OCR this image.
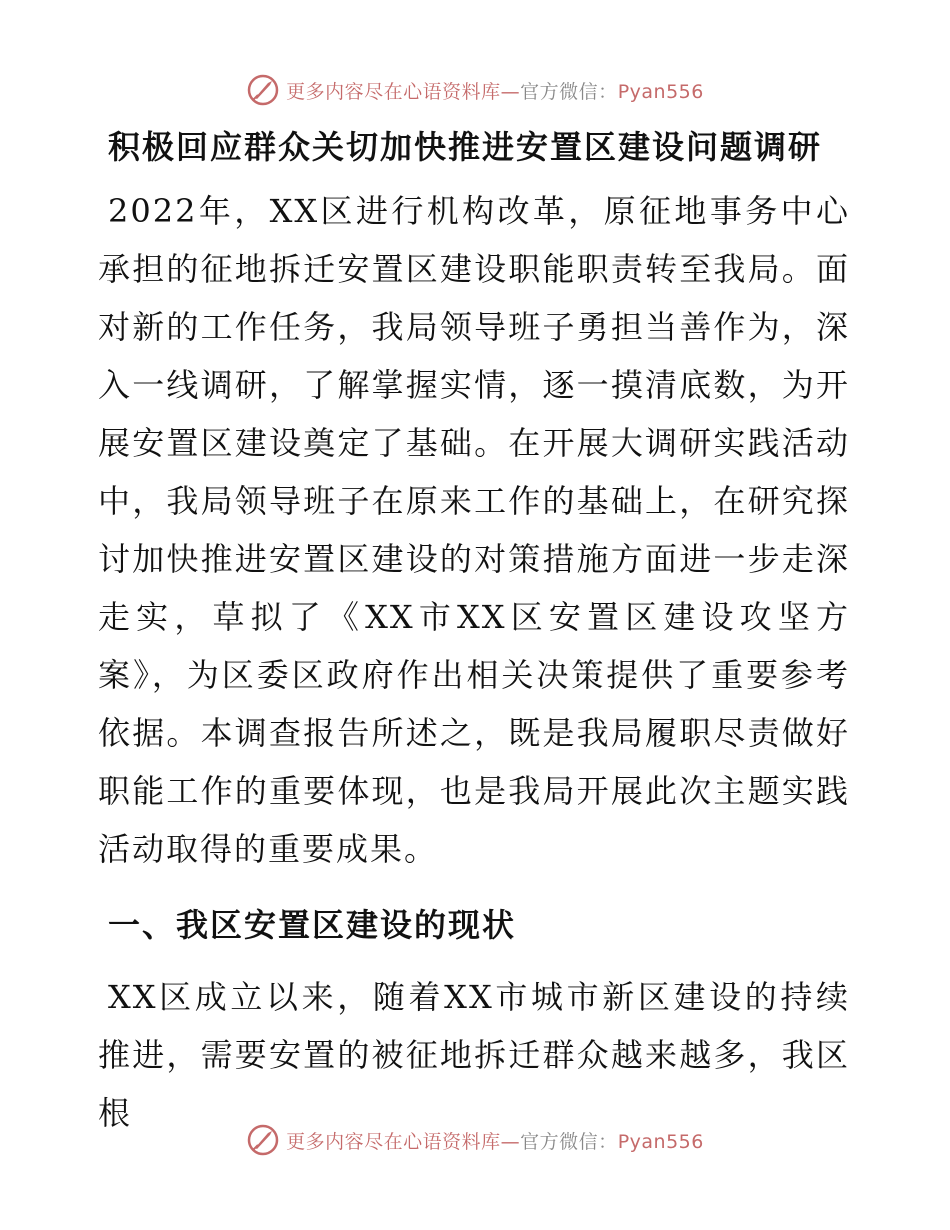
更多内容尽在心语资料库—官方微信：Pyan556
积极回应群众关切加快推进安置区建设问题调研

2022年，XX区进行机构改革，原征地事务中心承担的征地拆迁安置区建设职能职责转至我局。面对新的工作任务，我局领导班子勇担当善作为，深入一线调研，了解掌握实情，逐一摸清底数，为开展安置区建设奠定了基础。在开展大调研实践活动中，我局领导班子在原来工作的基础上，在研究探讨加快推进安置区建设的对策措施方面进一步走深走实，草拟了《XX市XX区安置区建设攻坚方案》，为区委区政府作出相关决策提供了重要参考依据。本调查报告所述之，既是我局履职尽责做好职能工作的重要体现，也是我局开展此次主题实践活动取得的重要成果。

一、我区安置区建设的现状

XX区成立以来，随着XX市城市新区建设的持续推进，需要安置的被征地拆迁群众越来越多，我区根

更多内容尽在心语资料库—官方微信：Pyan556
